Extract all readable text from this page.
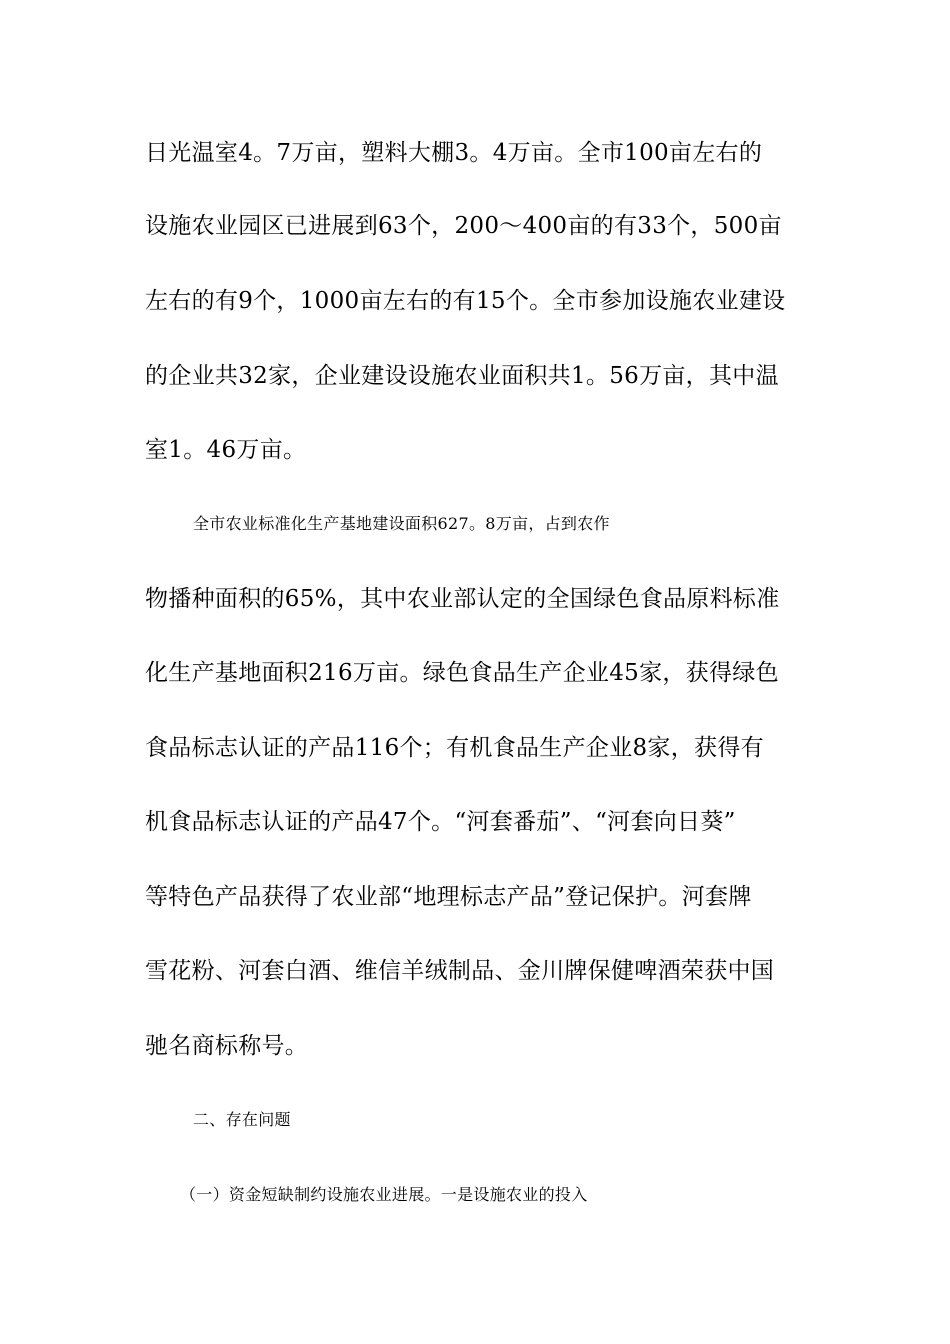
日光温室4。7万亩，塑料大棚3。4万亩。全市100亩左右的
设施农业园区已进展到63个，200～400亩的有33个，500亩
左右的有9个，1000亩左右的有15个。全市参加设施农业建设
的企业共32家，企业建设设施农业面积共1。56万亩，其中温
室1。46万亩。
全市农业标准化生产基地建设面积627。8万亩，占到农作
物播种面积的65%，其中农业部认定的全国绿色食品原料标准
化生产基地面积216万亩。绿色食品生产企业45家，获得绿色
食品标志认证的产品116个；有机食品生产企业8家，获得有
机食品标志认证的产品47个。“河套番茄”、“河套向日葵”
等特色产品获得了农业部“地理标志产品”登记保护。河套牌
雪花粉、河套白酒、维信羊绒制品、金川牌保健啤酒荣获中国
驰名商标称号。
二、存在问题
（一）资金短缺制约设施农业进展。一是设施农业的投入
